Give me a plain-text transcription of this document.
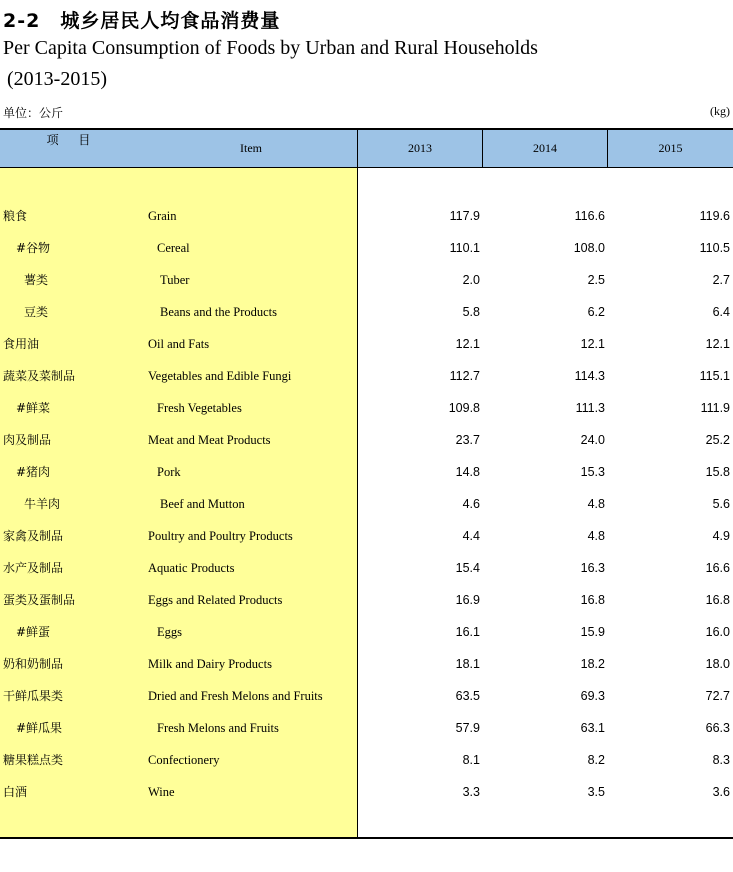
2-2　城乡居民人均食品消费量
Per Capita Consumption of Foods by Urban and Rural Households
(2013-2015)
单位：公斤	(kg)
项 目
Item	2013	2014	2015
粮食	Grain	117.9	116.6	119.6
#谷物	Cereal	110.1	108.0	110.5
薯类	Tuber	2.0	2.5	2.7
豆类	Beans and the Products	5.8	6.2	6.4
食用油	Oil and Fats	12.1	12.1	12.1
蔬菜及菜制品	Vegetables and Edible Fungi	112.7	114.3	115.1
#鲜菜	Fresh Vegetables	109.8	111.3	111.9
肉及制品	Meat and Meat Products	23.7	24.0	25.2
#猪肉	Pork	14.8	15.3	15.8
牛羊肉	Beef and Mutton	4.6	4.8	5.6
家禽及制品	Poultry and Poultry Products	4.4	4.8	4.9
水产及制品	Aquatic Products	15.4	16.3	16.6
蛋类及蛋制品	Eggs and Related Products	16.9	16.8	16.8
#鲜蛋	Eggs	16.1	15.9	16.0
奶和奶制品	Milk and Dairy Products	18.1	18.2	18.0
干鲜瓜果类	Dried and Fresh Melons and Fruits	63.5	69.3	72.7
#鲜瓜果	Fresh Melons and Fruits	57.9	63.1	66.3
糖果糕点类	Confectionery	8.1	8.2	8.3
白酒	Wine	3.3	3.5	3.6
